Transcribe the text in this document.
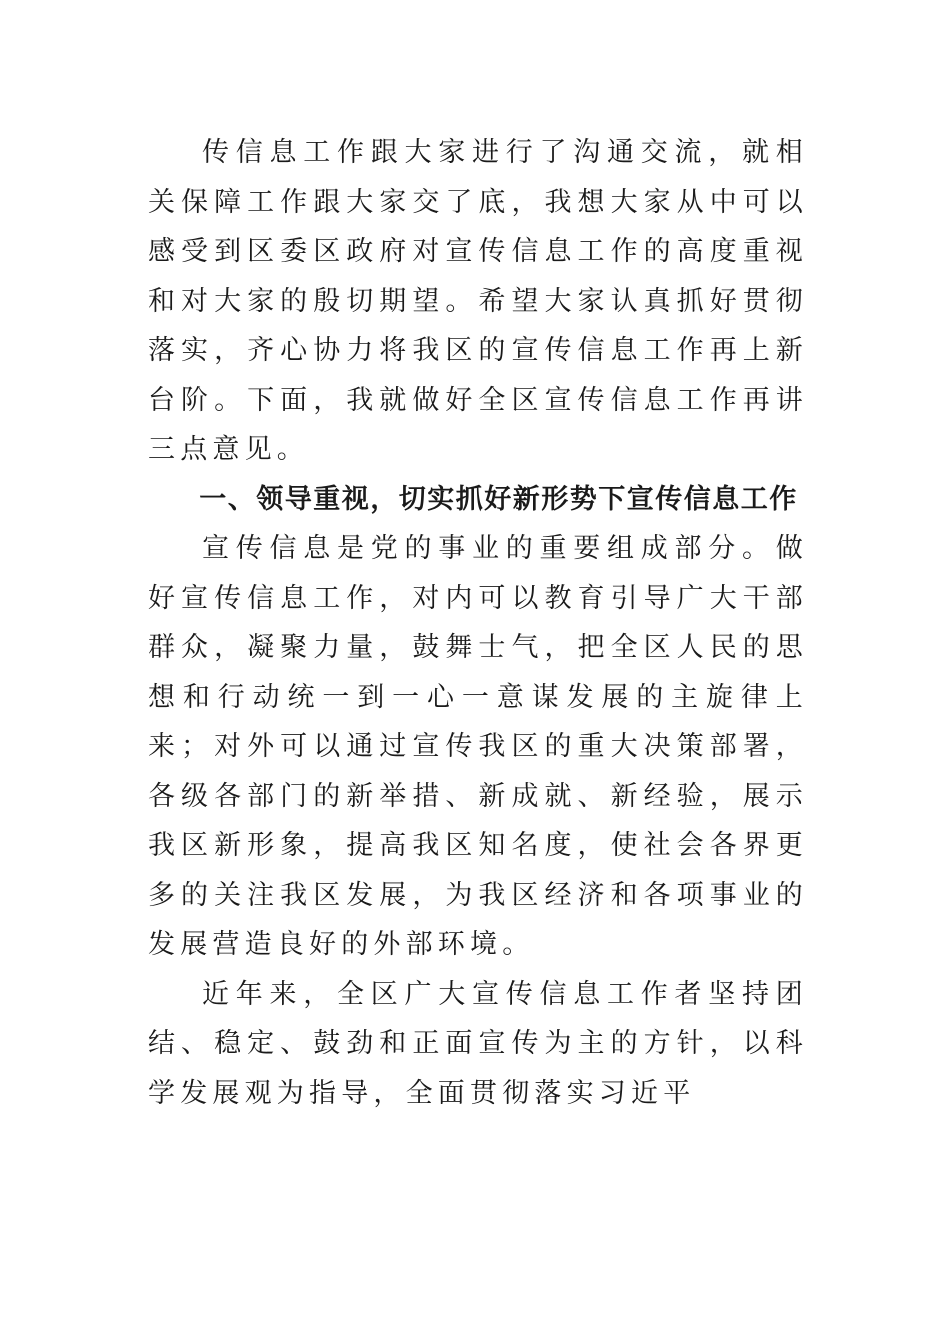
传信息工作跟大家进行了沟通交流，就相关保障工作跟大家交了底，我想大家从中可以感受到区委区政府对宣传信息工作的高度重视和对大家的殷切期望。希望大家认真抓好贯彻落实，齐心协力将我区的宣传信息工作再上新台阶。下面，我就做好全区宣传信息工作再讲三点意见。

一、领导重视，切实抓好新形势下宣传信息工作

宣传信息是党的事业的重要组成部分。做好宣传信息工作，对内可以教育引导广大干部群众，凝聚力量，鼓舞士气，把全区人民的思想和行动统一到一心一意谋发展的主旋律上来；对外可以通过宣传我区的重大决策部署，各级各部门的新举措、新成就、新经验，展示我区新形象，提高我区知名度，使社会各界更多的关注我区发展，为我区经济和各项事业的发展营造良好的外部环境。

近年来，全区广大宣传信息工作者坚持团结、稳定、鼓劲和正面宣传为主的方针，以科学发展观为指导，全面贯彻落实习近平
